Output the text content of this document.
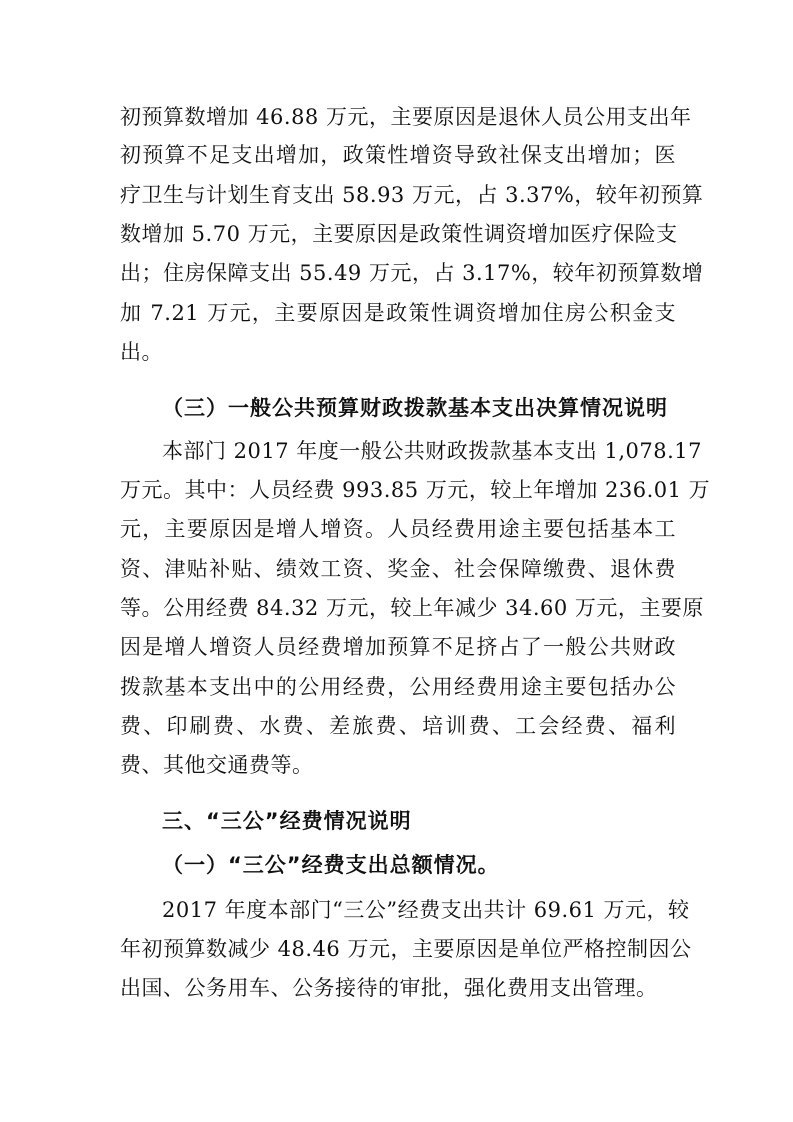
初预算数增加 46.88 万元，主要原因是退休人员公用支出年
初预算不足支出增加，政策性增资导致社保支出增加；医
疗卫生与计划生育支出 58.93 万元，占 3.37%，较年初预算
数增加 5.70 万元，主要原因是政策性调资增加医疗保险支
出；住房保障支出 55.49 万元，占 3.17%，较年初预算数增
加 7.21 万元，主要原因是政策性调资增加住房公积金支
出。
（三）一般公共预算财政拨款基本支出决算情况说明
本部门 2017 年度一般公共财政拨款基本支出 1,078.17
万元。其中：人员经费 993.85 万元，较上年增加 236.01 万
元，主要原因是增人增资。人员经费用途主要包括基本工
资、津贴补贴、绩效工资、奖金、社会保障缴费、退休费
等。公用经费 84.32 万元，较上年减少 34.60 万元，主要原
因是增人增资人员经费增加预算不足挤占了一般公共财政
拨款基本支出中的公用经费，公用经费用途主要包括办公
费、印刷费、水费、差旅费、培训费、工会经费、福利
费、其他交通费等。
三、“三公”经费情况说明
（一）“三公”经费支出总额情况。
2017 年度本部门“三公”经费支出共计 69.61 万元，较
年初预算数减少 48.46 万元，主要原因是单位严格控制因公
出国、公务用车、公务接待的审批，强化费用支出管理。
